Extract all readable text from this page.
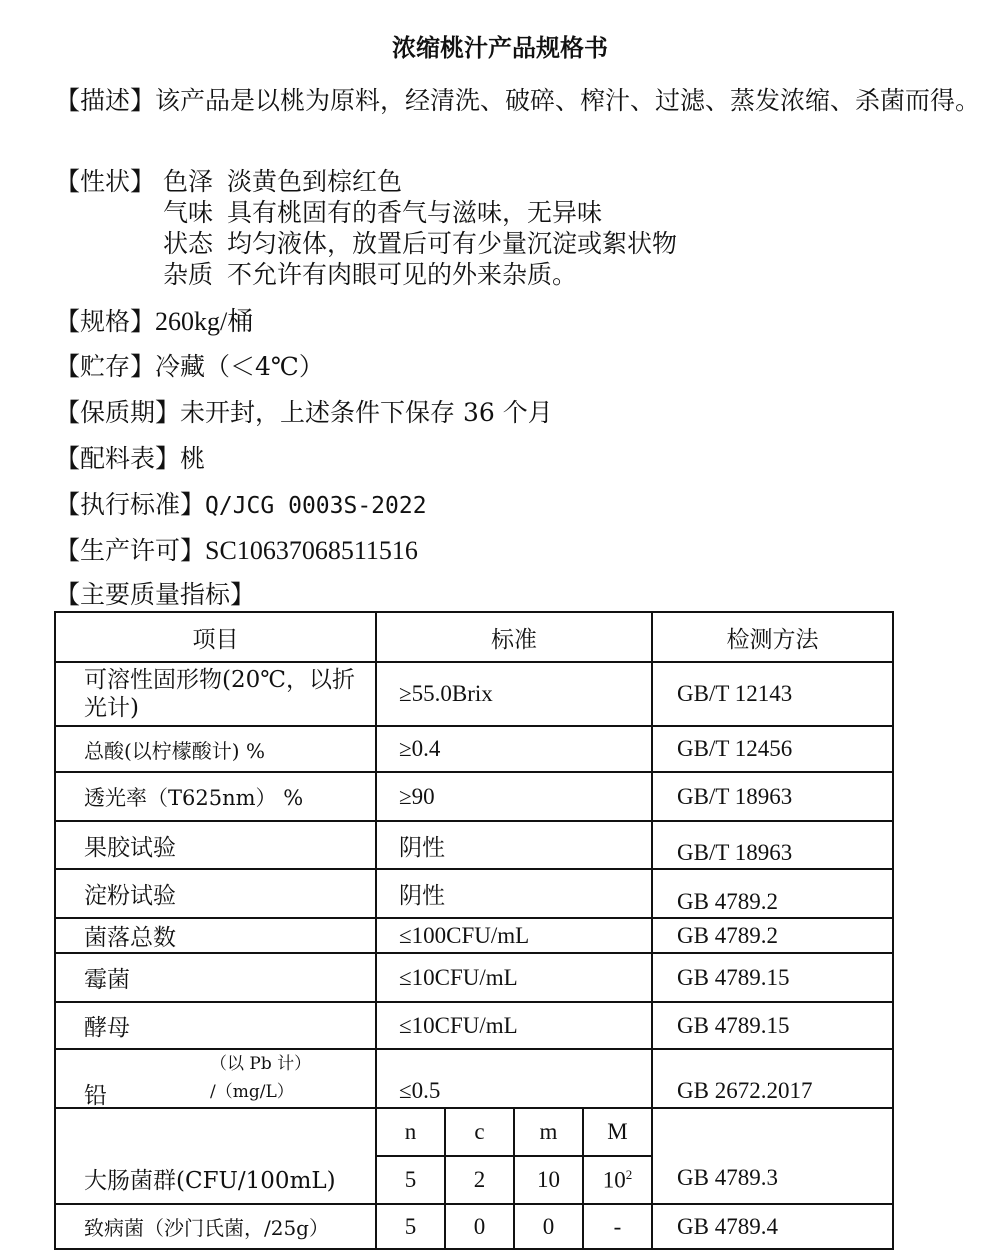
浓缩桃汁产品规格书
【描述】该产品是以桃为原料，经清洗、破碎、榨汁、过滤、蒸发浓缩、杀菌而得。
【性状】 色泽 淡黄色到棕红色
气味 具有桃固有的香气与滋味，无异味
状态 均匀液体，放置后可有少量沉淀或絮状物
杂质 不允许有肉眼可见的外来杂质。
【规格】260kg/桶
【贮存】冷藏（＜4℃）
【保质期】未开封，上述条件下保存 36 个月
【配料表】桃
【执行标准】Q/JCG 0003S-2022
【生产许可】SC10637068511516
【主要质量指标】
项目	标准				检测方法
可溶性固形物(20℃，以折光计)	≥55.0Brix				GB/T 12143
总酸(以柠檬酸计) %	≥0.4				GB/T 12456
透光率（T625nm） %	≥90				GB/T 18963
果胶试验	阴性				GB/T 18963
淀粉试验	阴性				GB 4789.2
菌落总数	≤100CFU/mL				GB 4789.2
霉菌	≤10CFU/mL				GB 4789.15
酵母	≤10CFU/mL				GB 4789.15

铅
（以 Pb 计）
/（mg/L）	≤0.5				GB 2672.2017
大肠菌群(CFU/100mL)	n	c	m	M	GB 4789.3
	5	2	10	$10^2$
致病菌（沙门氏菌，/25g）	5	0	0	-	GB 4789.4
